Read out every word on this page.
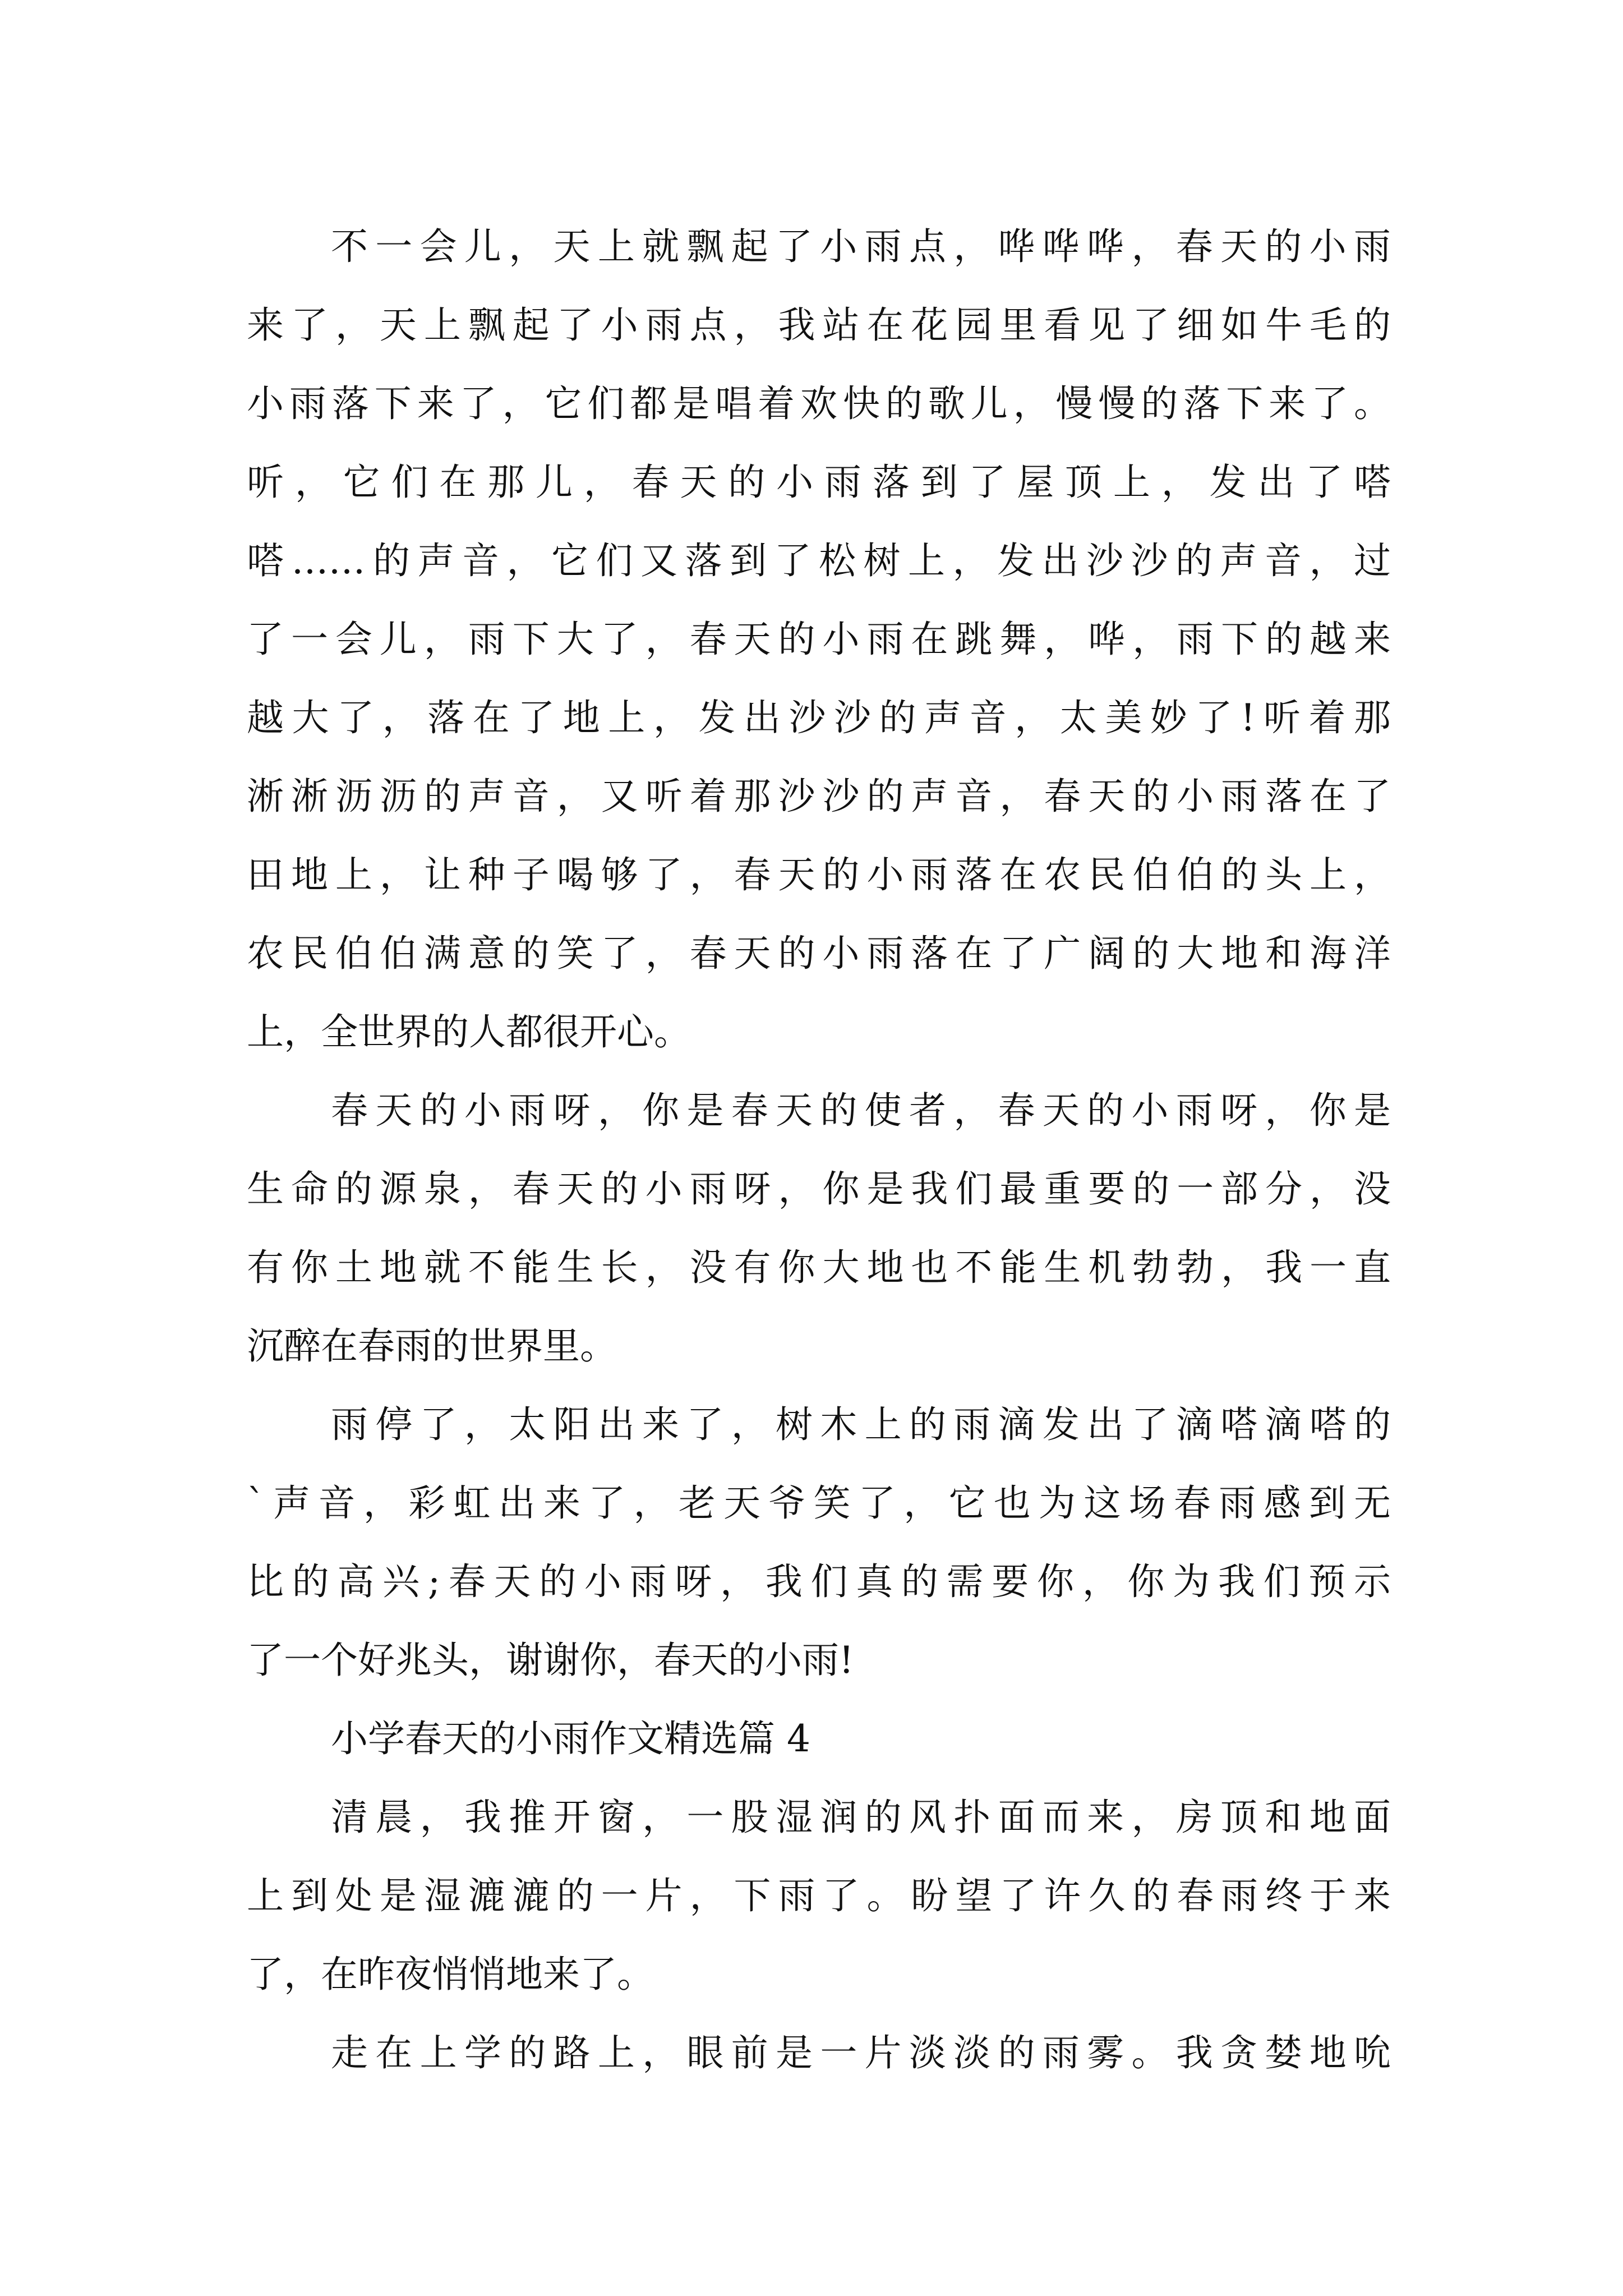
不一会儿，天上就飘起了小雨点，哗哗哗，春天的小雨
来了，天上飘起了小雨点，我站在花园里看见了细如牛毛的
小雨落下来了，它们都是唱着欢快的歌儿，慢慢的落下来了。
听，它们在那儿，春天的小雨落到了屋顶上，发出了嗒
嗒……的声音，它们又落到了松树上，发出沙沙的声音，过
了一会儿，雨下大了，春天的小雨在跳舞，哗，雨下的越来
越大了，落在了地上，发出沙沙的声音，太美妙了!听着那
淅淅沥沥的声音，又听着那沙沙的声音，春天的小雨落在了
田地上，让种子喝够了，春天的小雨落在农民伯伯的头上，
农民伯伯满意的笑了，春天的小雨落在了广阔的大地和海洋
上，全世界的人都很开心。
春天的小雨呀，你是春天的使者，春天的小雨呀，你是
生命的源泉，春天的小雨呀，你是我们最重要的一部分，没
有你土地就不能生长，没有你大地也不能生机勃勃，我一直
沉醉在春雨的世界里。
雨停了，太阳出来了，树木上的雨滴发出了滴嗒滴嗒的
`声音，彩虹出来了，老天爷笑了，它也为这场春雨感到无
比的高兴;春天的小雨呀，我们真的需要你，你为我们预示
了一个好兆头，谢谢你，春天的小雨!
小学春天的小雨作文精选篇 4
清晨，我推开窗，一股湿润的风扑面而来，房顶和地面
上到处是湿漉漉的一片，下雨了。盼望了许久的春雨终于来
了，在昨夜悄悄地来了。
走在上学的路上，眼前是一片淡淡的雨雾。我贪婪地吮
